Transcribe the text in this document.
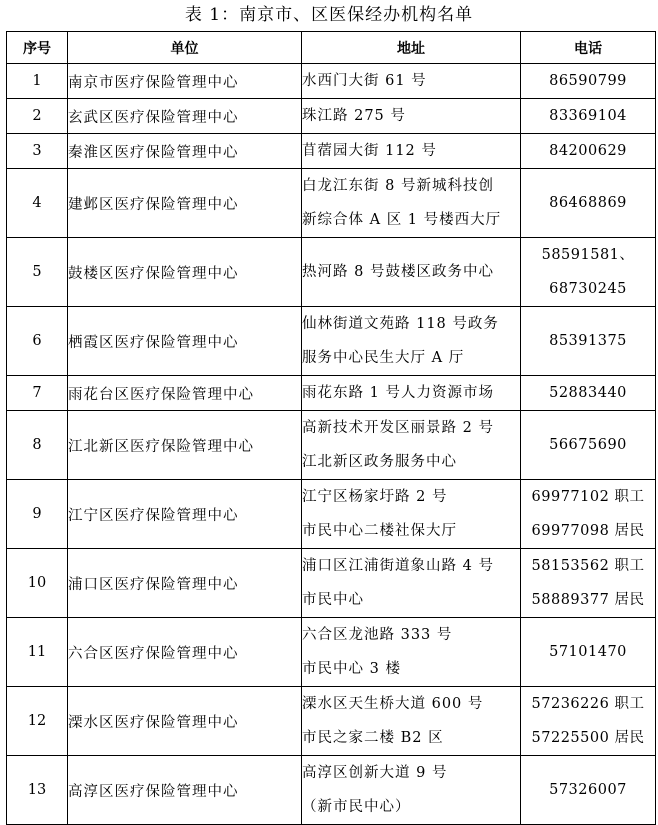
表 1：南京市、区医保经办机构名单
序号	单位	地址	电话
1	南京市医疗保险管理中心	水西门大街 61 号	86590799

2	玄武区医疗保险管理中心	珠江路 275 号	83369104

3	秦淮区医疗保险管理中心	苜蓿园大街 112 号	84200629

4	建邺区医疗保险管理中心	白龙江东街 8 号新城科技创
新综合体 A 区 1 号楼西大厅	86468869

5	鼓楼区医疗保险管理中心	热河路 8 号鼓楼区政务中心	58591581、
68730245

6	栖霞区医疗保险管理中心	仙林街道文苑路 118 号政务
服务中心民生大厅 A 厅	85391375

7	雨花台区医疗保险管理中心	雨花东路 1 号人力资源市场	52883440

8	江北新区医疗保险管理中心	高新技术开发区丽景路 2 号
江北新区政务服务中心	56675690

9	江宁区医疗保险管理中心	江宁区杨家圩路 2 号
市民中心二楼社保大厅	69977102 职工
69977098 居民

10	浦口区医疗保险管理中心	浦口区江浦街道象山路 4 号
市民中心	58153562 职工
58889377 居民

11	六合区医疗保险管理中心	六合区龙池路 333 号
市民中心 3 楼	57101470

12	溧水区医疗保险管理中心	溧水区天生桥大道 600 号
市民之家二楼 B2 区	57236226 职工
57225500 居民

13	高淳区医疗保险管理中心	高淳区创新大道 9 号
（新市民中心）	57326007
